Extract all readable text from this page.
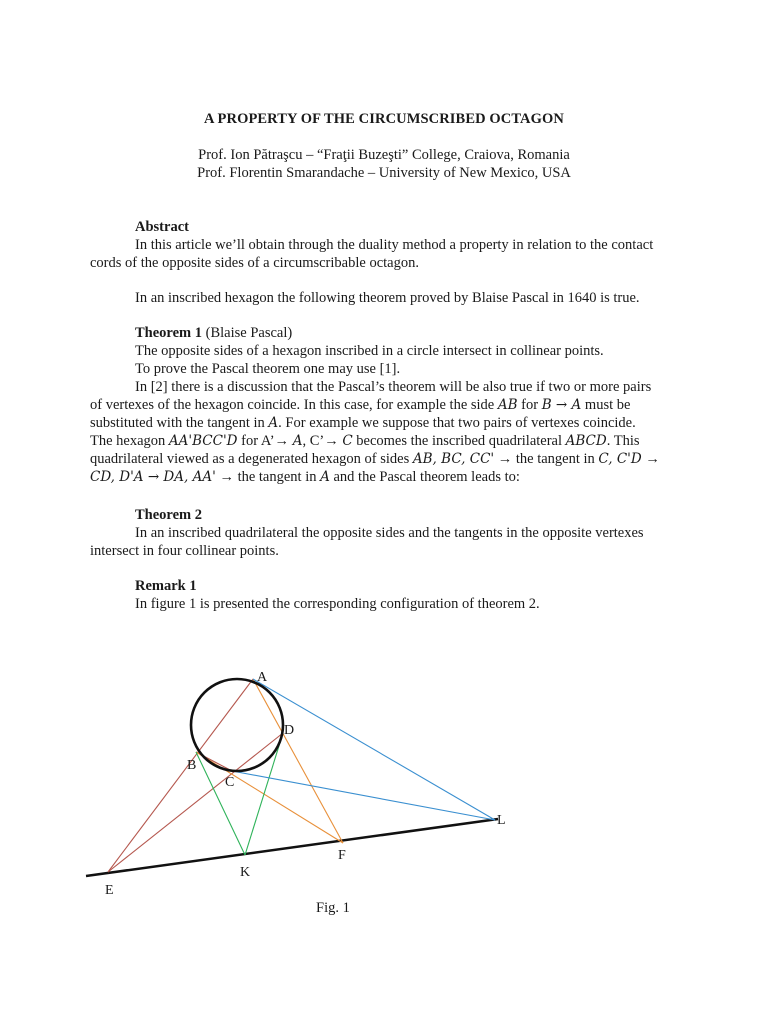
A PROPERTY OF THE CIRCUMSCRIBED OCTAGON
Prof. Ion Pătraşcu – “Fraţii Buzeşti” College, Craiova, Romania
Prof. Florentin Smarandache – University of New Mexico, USA
Abstract
In this article we’ll obtain through the duality method a property in relation to the contact
cords of the opposite sides of a circumscribable octagon.
In an inscribed hexagon the following theorem proved by Blaise Pascal in 1640 is true.
Theorem 1 (Blaise Pascal)
The opposite sides of a hexagon inscribed in a circle intersect in collinear points.
To prove the Pascal theorem one may use [1].
In [2] there is a discussion that the Pascal’s theorem will be also true if two or more pairs
of vertexes of the hexagon coincide. In this case, for example the side AB for B → A must be
substituted with the tangent in A. For example we suppose that two pairs of vertexes coincide.
The hexagon AA'BCC'D for A’→ A, C’→ C becomes the inscribed quadrilateral ABCD. This
quadrilateral viewed as a degenerated hexagon of sides AB, BC, CC' → the tangent in C, C'D →
CD, D'A → DA, AA' → the tangent in A and the Pascal theorem leads to:
Theorem 2
In an inscribed quadrilateral the opposite sides and the tangents in the opposite vertexes
intersect in four collinear points.
Remark 1
In figure 1 is presented the corresponding configuration of theorem 2.
A
D
B
C
L
F
K
E
Fig. 1
